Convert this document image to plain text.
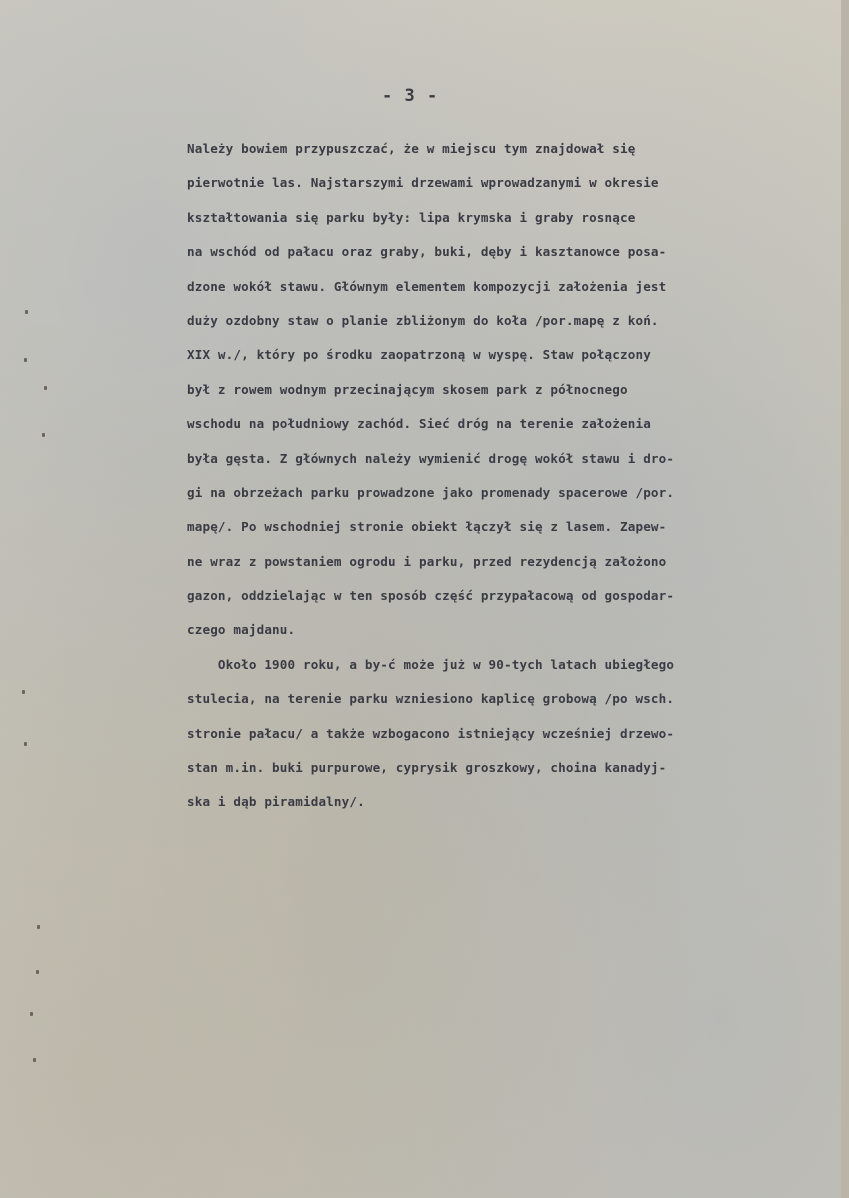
- 3 -
Należy bowiem przypuszczać, że w miejscu tym znajdował się
pierwotnie las. Najstarszymi drzewami wprowadzanymi w okresie
kształtowania się parku były: lipa krymska i graby rosnące
na wschód od pałacu oraz graby, buki, dęby i kasztanowce posa-
dzone wokół stawu. Głównym elementem kompozycji założenia jest
duży ozdobny staw o planie zbliżonym do koła /por.mapę z koń.
XIX w./, który po środku zaopatrzoną w wyspę. Staw połączony
był z rowem wodnym przecinającym skosem park z północnego
wschodu na południowy zachód. Sieć dróg na terenie założenia
była gęsta. Z głównych należy wymienić drogę wokół stawu i dro-
gi na obrzeżach parku prowadzone jako promenady spacerowe /por.
mapę/. Po wschodniej stronie obiekt łączył się z lasem. Zapew-
ne wraz z powstaniem ogrodu i parku, przed rezydencją założono
gazon, oddzielając w ten sposób część przypałacową od gospodar-
czego majdanu.
Około 1900 roku, a by-ć może już w 90-tych latach ubiegłego
stulecia, na terenie parku wzniesiono kaplicę grobową /po wsch.
stronie pałacu/ a także wzbogacono istniejący wcześniej drzewo-
stan m.in. buki purpurowe, cyprysik groszkowy, choina kanadyj-
ska i dąb piramidalny/.
